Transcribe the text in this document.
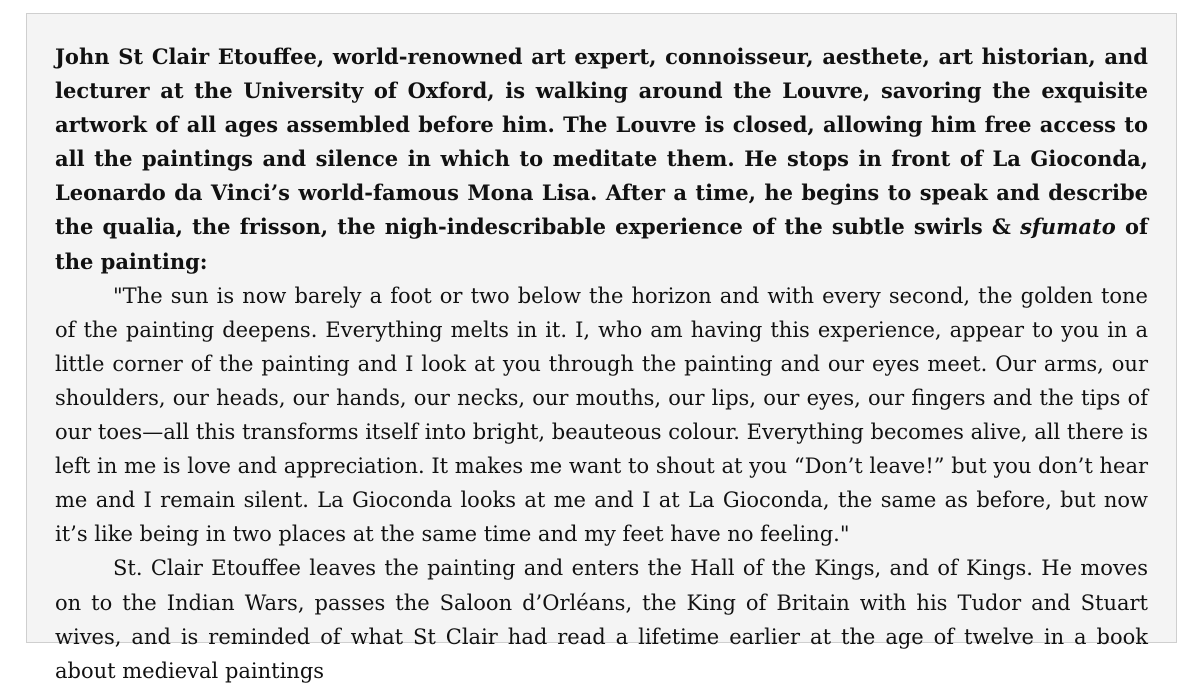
John St Clair Etouffee, world-renowned art expert, connoisseur, aesthete, art historian, and lecturer at the University of Oxford, is walking around the Louvre, savoring the exquisite artwork of all ages assembled before him. The Louvre is closed, allowing him free access to all the paintings and silence in which to meditate them. He stops in front of La Gioconda, Leonardo da Vinci’s world-famous Mona Lisa. After a time, he begins to speak and describe the qualia, the frisson, the nigh-indescribable experience of the subtle swirls & sfumato of the painting:

"The sun is now barely a foot or two below the horizon and with every second, the golden tone of the painting deepens. Everything melts in it. I, who am having this experience, appear to you in a little corner of the painting and I look at you through the painting and our eyes meet. Our arms, our shoulders, our heads, our hands, our necks, our mouths, our lips, our eyes, our fingers and the tips of our toes—all this transforms itself into bright, beauteous colour. Everything becomes alive, all there is left in me is love and appreciation. It makes me want to shout at you “Don’t leave!” but you don’t hear me and I remain silent. La Gioconda looks at me and I at La Gioconda, the same as before, but now it’s like being in two places at the same time and my feet have no feeling."

St. Clair Etouffee leaves the painting and enters the Hall of the Kings, and of Kings. He moves on to the Indian Wars, passes the Saloon d’Orléans, the King of Britain with his Tudor and Stuart wives, and is reminded of what St Clair had read a lifetime earlier at the age of twelve in a book about medieval paintings
